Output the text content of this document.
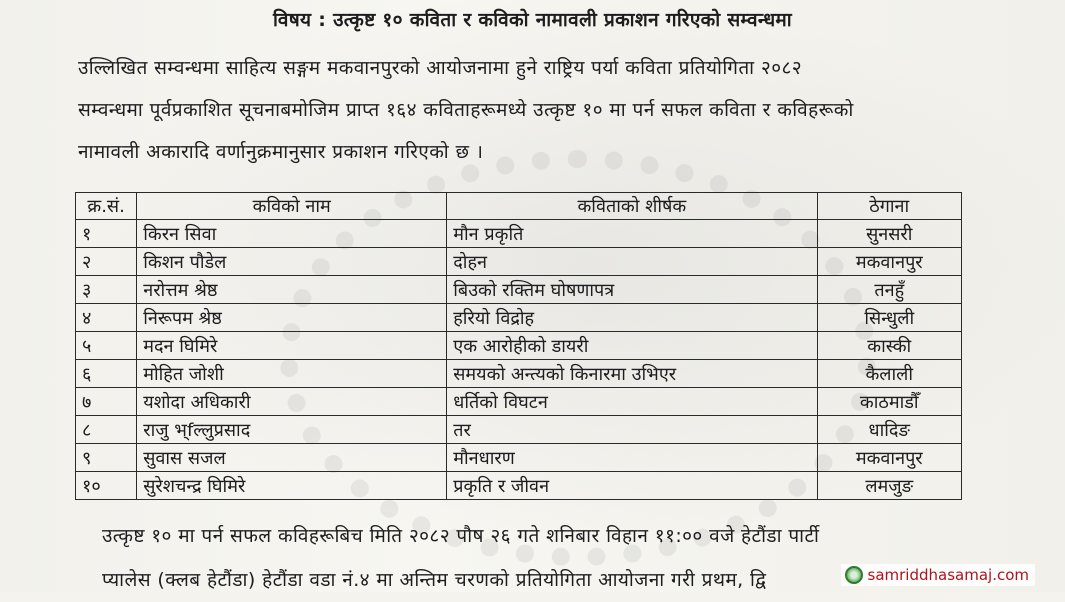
विषय : उत्कृष्ट १० कविता र कविको नामावली प्रकाशन गरिएको सम्वन्धमा
उल्लिखित सम्वन्धमा साहित्य सङ्गम मकवानपुरको आयोजनामा हुने राष्ट्रिय पर्या कविता प्रतियोगिता २०८२
सम्वन्धमा पूर्वप्रकाशित सूचनाबमोजिम प्राप्त १६४ कविताहरूमध्ये उत्कृष्ट १० मा पर्न सफल कविता र कविहरूको
नामावली अकारादि वर्णानुक्रमानुसार प्रकाशन गरिएको छ ।
क्र.सं.	कविको नाम	कविताको शीर्षक	ठेगाना
१	किरन सिवा	मौन प्रकृति	सुनसरी
२	किशन पौडेल	दोहन	मकवानपुर
३	नरोत्तम श्रेष्ठ	बिउको रक्तिम घोषणापत्र	तनहुँ
४	निरूपम श्रेष्ठ	हरियो विद्रोह	सिन्धुली
५	मदन घिमिरे	एक आरोहीको डायरी	कास्की
६	मोहित जोशी	समयको अन्त्यको किनारमा उभिएर	कैलाली
७	यशोदा अधिकारी	धर्तिको विघटन	काठमाडौँ
८	राजु भ्fल्लुप्रसाद	तर	धादिङ
९	सुवास सजल	मौनधारण	मकवानपुर
१०	सुरेशचन्द्र घिमिरे	प्रकृति र जीवन	लमजुङ
उत्कृष्ट १० मा पर्न सफल कविहरूबिच मिति २०८२ पौष २६ गते शनिबार विहान ११:०० वजे हेटौंडा पार्टी
प्यालेस (क्लब हेटौंडा) हेटौंडा वडा नं.४ मा अन्तिम चरणको प्रतियोगिता आयोजना गरी प्रथम, द्वि	samriddhasamaj.com
